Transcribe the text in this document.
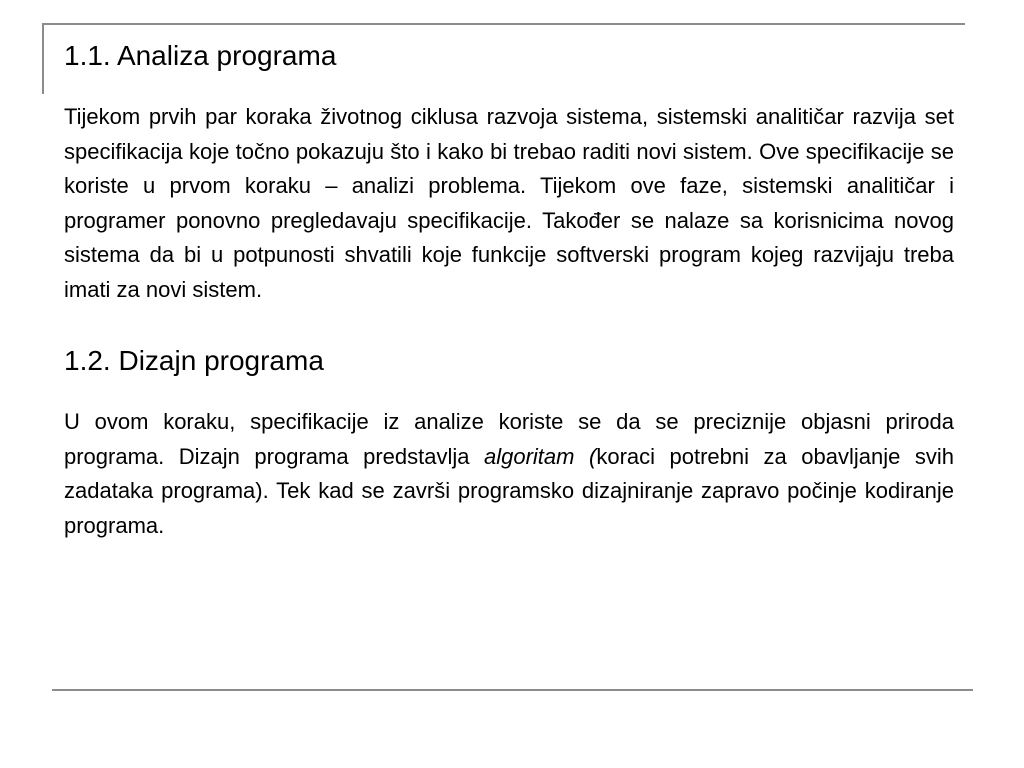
1.1. Analiza programa

Tijekom prvih par koraka životnog ciklusa razvoja sistema, sistemski analitičar razvija set specifikacija koje točno pokazuju što i kako bi trebao raditi novi sistem. Ove specifikacije se koriste u prvom koraku – analizi problema. Tijekom ove faze, sistemski analitičar i programer ponovno pregledavaju specifikacije. Također se nalaze sa korisnicima novog sistema da bi u potpunosti shvatili koje funkcije softverski program kojeg razvijaju treba imati za novi sistem.

1.2. Dizajn programa

U ovom koraku, specifikacije iz analize koriste se da se preciznije objasni priroda programa. Dizajn programa predstavlja algoritam (koraci potrebni za obavljanje svih zadataka programa). Tek kad se završi programsko dizajniranje zapravo počinje kodiranje programa.
